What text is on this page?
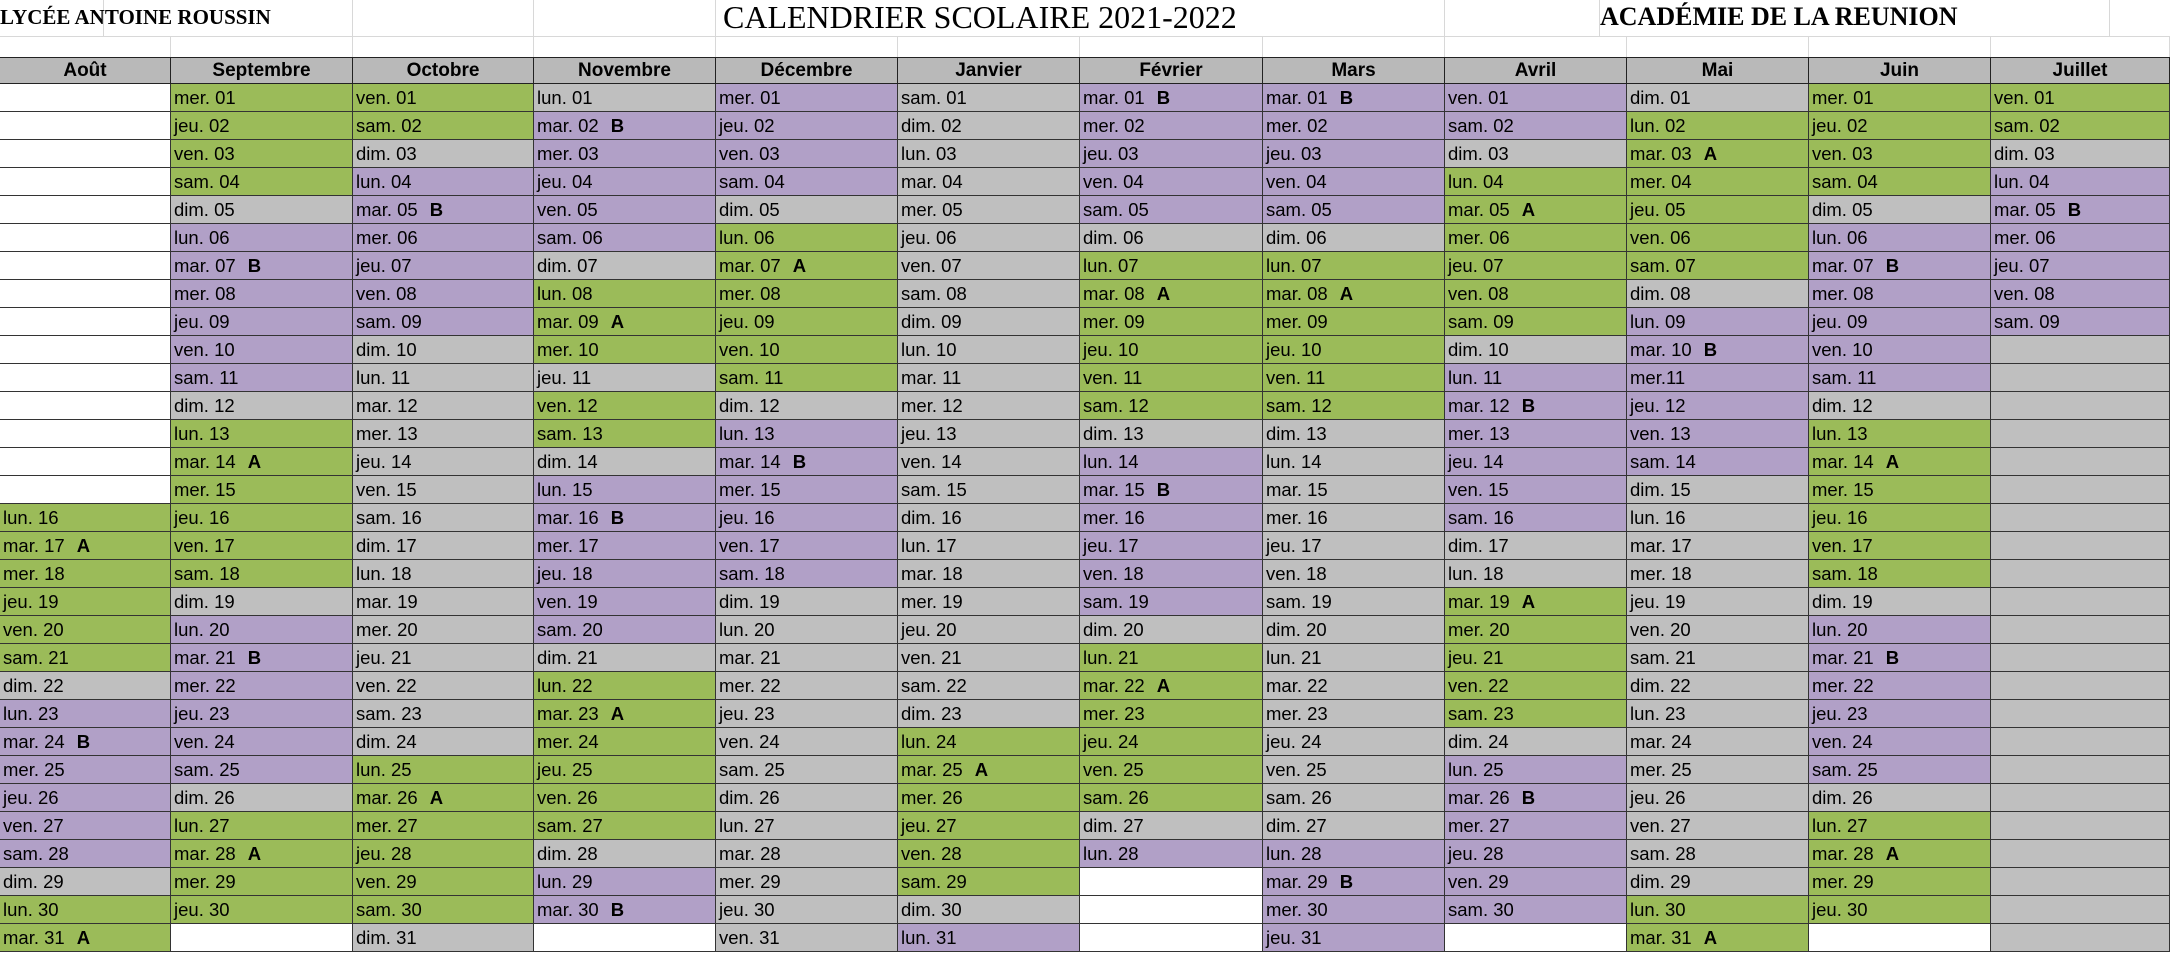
LYCÉE ANTOINE ROUSSIN	CALENDRIER SCOLAIRE 2021-2022	ACADÉMIE DE LA REUNION
Août
lun. 16
mar. 17 A
mer. 18
jeu. 19
ven. 20
sam. 21
dim. 22
lun. 23
mar. 24 B
mer. 25
jeu. 26
ven. 27
sam. 28
dim. 29
lun. 30
mar. 31 A
Septembre
mer. 01
jeu. 02
ven. 03
sam. 04
dim. 05
lun. 06
mar. 07 B
mer. 08
jeu. 09
ven. 10
sam. 11
dim. 12
lun. 13
mar. 14 A
mer. 15
jeu. 16
ven. 17
sam. 18
dim. 19
lun. 20
mar. 21 B
mer. 22
jeu. 23
ven. 24
sam. 25
dim. 26
lun. 27
mar. 28 A
mer. 29
jeu. 30
Octobre
ven. 01
sam. 02
dim. 03
lun. 04
mar. 05 B
mer. 06
jeu. 07
ven. 08
sam. 09
dim. 10
lun. 11
mar. 12
mer. 13
jeu. 14
ven. 15
sam. 16
dim. 17
lun. 18
mar. 19
mer. 20
jeu. 21
ven. 22
sam. 23
dim. 24
lun. 25
mar. 26 A
mer. 27
jeu. 28
ven. 29
sam. 30
dim. 31
Novembre
lun. 01
mar. 02 B
mer. 03
jeu. 04
ven. 05
sam. 06
dim. 07
lun. 08
mar. 09 A
mer. 10
jeu. 11
ven. 12
sam. 13
dim. 14
lun. 15
mar. 16 B
mer. 17
jeu. 18
ven. 19
sam. 20
dim. 21
lun. 22
mar. 23 A
mer. 24
jeu. 25
ven. 26
sam. 27
dim. 28
lun. 29
mar. 30 B
Décembre
mer. 01
jeu. 02
ven. 03
sam. 04
dim. 05
lun. 06
mar. 07 A
mer. 08
jeu. 09
ven. 10
sam. 11
dim. 12
lun. 13
mar. 14 B
mer. 15
jeu. 16
ven. 17
sam. 18
dim. 19
lun. 20
mar. 21
mer. 22
jeu. 23
ven. 24
sam. 25
dim. 26
lun. 27
mar. 28
mer. 29
jeu. 30
ven. 31
Janvier
sam. 01
dim. 02
lun. 03
mar. 04
mer. 05
jeu. 06
ven. 07
sam. 08
dim. 09
lun. 10
mar. 11
mer. 12
jeu. 13
ven. 14
sam. 15
dim. 16
lun. 17
mar. 18
mer. 19
jeu. 20
ven. 21
sam. 22
dim. 23
lun. 24
mar. 25 A
mer. 26
jeu. 27
ven. 28
sam. 29
dim. 30
lun. 31
Février
mar. 01 B
mer. 02
jeu. 03
ven. 04
sam. 05
dim. 06
lun. 07
mar. 08 A
mer. 09
jeu. 10
ven. 11
sam. 12
dim. 13
lun. 14
mar. 15 B
mer. 16
jeu. 17
ven. 18
sam. 19
dim. 20
lun. 21
mar. 22 A
mer. 23
jeu. 24
ven. 25
sam. 26
dim. 27
lun. 28
Mars
mar. 01 B
mer. 02
jeu. 03
ven. 04
sam. 05
dim. 06
lun. 07
mar. 08 A
mer. 09
jeu. 10
ven. 11
sam. 12
dim. 13
lun. 14
mar. 15
mer. 16
jeu. 17
ven. 18
sam. 19
dim. 20
lun. 21
mar. 22
mer. 23
jeu. 24
ven. 25
sam. 26
dim. 27
lun. 28
mar. 29 B
mer. 30
jeu. 31
Avril
ven. 01
sam. 02
dim. 03
lun. 04
mar. 05 A
mer. 06
jeu. 07
ven. 08
sam. 09
dim. 10
lun. 11
mar. 12 B
mer. 13
jeu. 14
ven. 15
sam. 16
dim. 17
lun. 18
mar. 19 A
mer. 20
jeu. 21
ven. 22
sam. 23
dim. 24
lun. 25
mar. 26 B
mer. 27
jeu. 28
ven. 29
sam. 30
Mai
dim. 01
lun. 02
mar. 03 A
mer. 04
jeu. 05
ven. 06
sam. 07
dim. 08
lun. 09
mar. 10 B
mer.11
jeu. 12
ven. 13
sam. 14
dim. 15
lun. 16
mar. 17
mer. 18
jeu. 19
ven. 20
sam. 21
dim. 22
lun. 23
mar. 24
mer. 25
jeu. 26
ven. 27
sam. 28
dim. 29
lun. 30
mar. 31 A
Juin
mer. 01
jeu. 02
ven. 03
sam. 04
dim. 05
lun. 06
mar. 07 B
mer. 08
jeu. 09
ven. 10
sam. 11
dim. 12
lun. 13
mar. 14 A
mer. 15
jeu. 16
ven. 17
sam. 18
dim. 19
lun. 20
mar. 21 B
mer. 22
jeu. 23
ven. 24
sam. 25
dim. 26
lun. 27
mar. 28 A
mer. 29
jeu. 30
Juillet
ven. 01
sam. 02
dim. 03
lun. 04
mar. 05 B
mer. 06
jeu. 07
ven. 08
sam. 09
